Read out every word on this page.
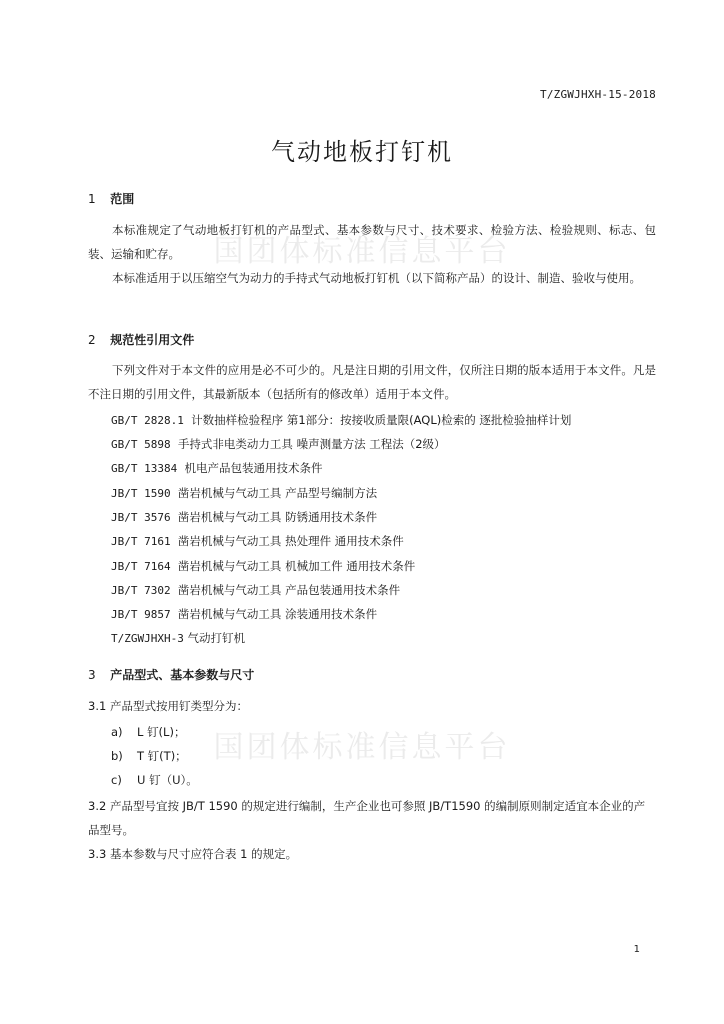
T/ZGWJHXH-15-2018
气动地板打钉机
国团体标准信息平台
国团体标准信息平台
1 范围
本标准规定了气动地板打钉机的产品型式、基本参数与尺寸、技术要求、检验方法、检验规则、标志、包装、运输和贮存。
本标准适用于以压缩空气为动力的手持式气动地板打钉机（以下简称产品）的设计、制造、验收与使用。
2 规范性引用文件
下列文件对于本文件的应用是必不可少的。凡是注日期的引用文件，仅所注日期的版本适用于本文件。凡是不注日期的引用文件，其最新版本（包括所有的修改单）适用于本文件。
GB/T 2828.1 计数抽样检验程序 第1部分：按接收质量限(AQL)检索的 逐批检验抽样计划
GB/T 5898 手持式非电类动力工具 噪声测量方法 工程法（2级）
GB/T 13384 机电产品包装通用技术条件
JB/T 1590 凿岩机械与气动工具 产品型号编制方法
JB/T 3576 凿岩机械与气动工具 防锈通用技术条件
JB/T 7161 凿岩机械与气动工具 热处理件 通用技术条件
JB/T 7164 凿岩机械与气动工具 机械加工件 通用技术条件
JB/T 7302 凿岩机械与气动工具 产品包装通用技术条件
JB/T 9857 凿岩机械与气动工具 涂装通用技术条件
T/ZGWJHXH-3 气动打钉机
3 产品型式、基本参数与尺寸
3.1 产品型式按用钉类型分为：
a) L 钉(L)；
b) T 钉(T)；
c) U 钉（U）。
3.2 产品型号宜按 JB/T 1590 的规定进行编制，生产企业也可参照 JB/T1590 的编制原则制定适宜本企业的产品型号。
3.3 基本参数与尺寸应符合表 1 的规定。
1
